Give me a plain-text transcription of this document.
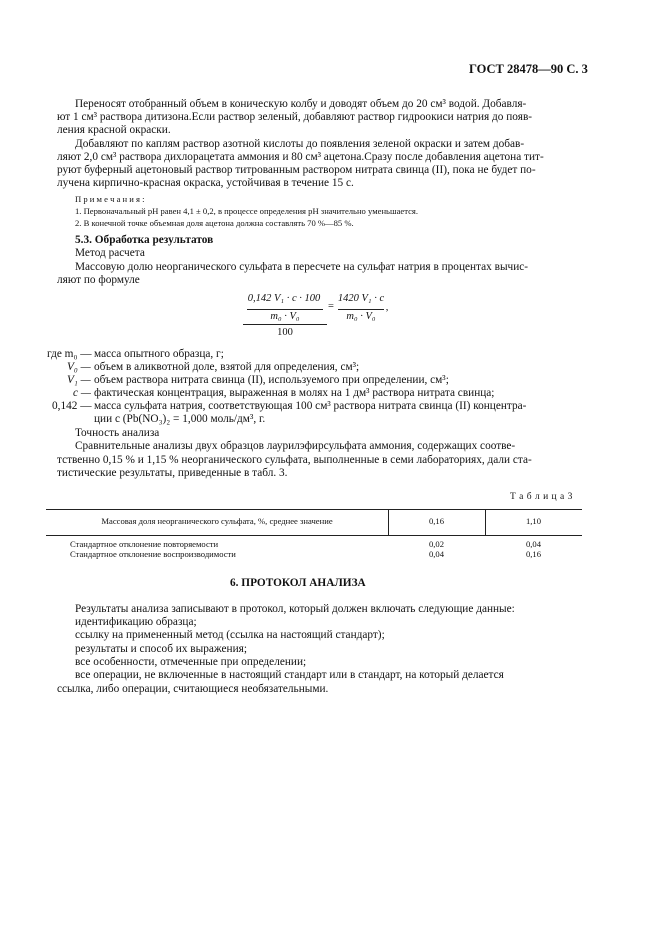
ГОСТ 28478—90 С. 3
Переносят отобранный объем в коническую колбу и доводят объем до 20 см³ водой. Добавля-
ют 1 см³ раствора дитизона.Если раствор зеленый, добавляют раствор гидроокиси натрия до появ-
ления красной окраски.
Добавляют по каплям раствор азотной кислоты до появления зеленой окраски и затем добав-
ляют 2,0 см³ раствора дихлорацетата аммония и 80 см³ ацетона.Сразу после добавления ацетона тит-
руют буферный ацетоновый раствор титрованным раствором нитрата свинца (II), пока не будет по-
лучена кирпично-красная окраска, устойчивая в течение 15 с.
П р и м е ч а н и я :
1. Первоначальный pH равен 4,1 ± 0,2, в процессе определения pH значительно уменьшается.
2. В конечной точке объемная доля ацетона должна составлять 70 %—85 %.
5.3. Обработка результатов
Метод расчета
Массовую долю неорганического сульфата в пересчете на сульфат натрия в процентах вычис-
ляют по формуле
0,142 V₁ · c · 100
m₀ · V₀
100
=
1420 V₁ · c
m₀ · V₀
,
где m₀ — масса опытного образца, г;
V₀ — объем в аликвотной доле, взятой для определения, см³;
V₁ — объем раствора нитрата свинца (II), используемого при определении, см³;
c — фактическая концентрация, выраженная в молях на 1 дм³ раствора нитрата свинца;
0,142 — масса сульфата натрия, соответствующая 100 см³ раствора нитрата свинца (II) концентра-
ции c (Pb(NO₃)₂ = 1,000 моль/дм³, г.
Точность анализа
Сравнительные анализы двух образцов лаурилэфирсульфата аммония, содержащих соотве-
тственно 0,15 % и 1,15 % неорганического сульфата, выполненные в семи лабораториях, дали ста-
тистические результаты, приведенные в табл. 3.
Т а б л и ц а 3
Массовая доля неорганического сульфата, %, среднее значение	0,16	1,10
Стандартное отклонение повторяемости	0,02	0,04
Стандартное отклонение воспроизводимости	0,04	0,16
6. ПРОТОКОЛ АНАЛИЗА
Результаты анализа записывают в протокол, который должен включать следующие данные:
идентификацию образца;
ссылку на примененный метод (ссылка на настоящий стандарт);
результаты и способ их выражения;
все особенности, отмеченные при определении;
все операции, не включенные в настоящий стандарт или в стандарт, на который делается
ссылка, либо операции, считающиеся необязательными.
